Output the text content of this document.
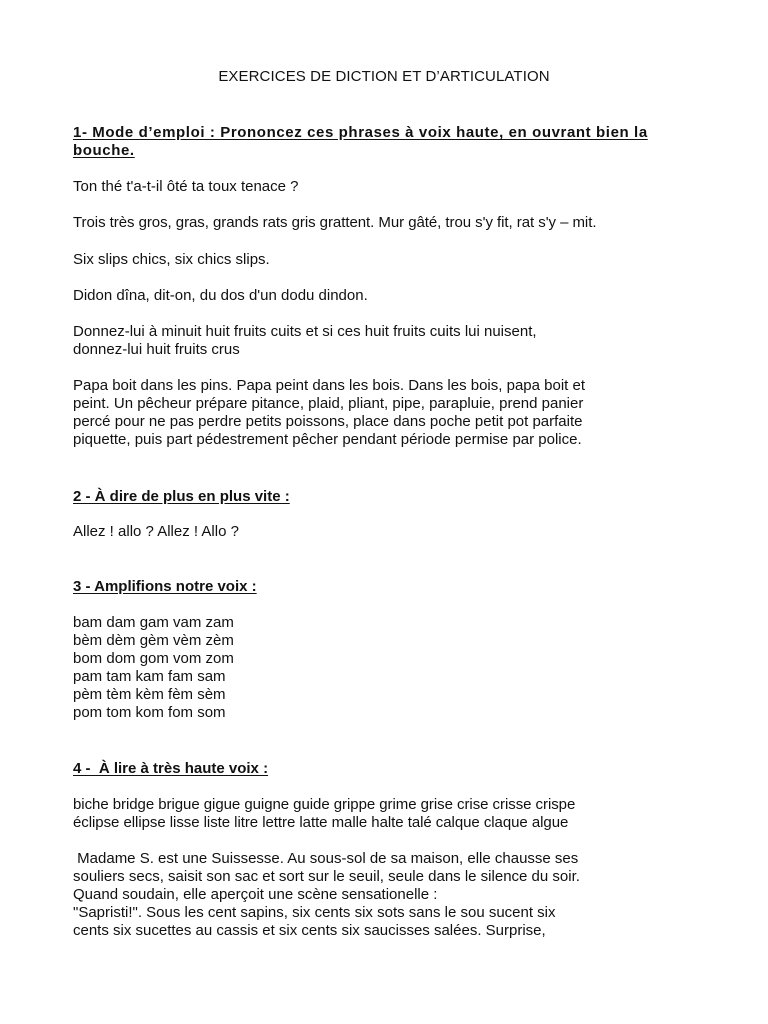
EXERCICES DE DICTION ET D’ARTICULATION
1- Mode d’emploi : Prononcez ces phrases à voix haute, en ouvrant bien la
bouche.
Ton thé t'a-t-il ôté ta toux tenace ?
Trois très gros, gras, grands rats gris grattent. Mur gâté, trou s'y fit, rat s'y – mit.
Six slips chics, six chics slips.
Didon dîna, dit-on, du dos d'un dodu dindon.
Donnez-lui à minuit huit fruits cuits et si ces huit fruits cuits lui nuisent,
donnez-lui huit fruits crus
Papa boit dans les pins. Papa peint dans les bois. Dans les bois, papa boit et
peint. Un pêcheur prépare pitance, plaid, pliant, pipe, parapluie, prend panier
percé pour ne pas perdre petits poissons, place dans poche petit pot parfaite
piquette, puis part pédestrement pêcher pendant période permise par police.
2 - À dire de plus en plus vite :
Allez ! allo ? Allez ! Allo ?
3 - Amplifions notre voix :
bam dam gam vam zam
bèm dèm gèm vèm zèm
bom dom gom vom zom
pam tam kam fam sam
pèm tèm kèm fèm sèm
pom tom kom fom som
4 -  À lire à très haute voix :
biche bridge brigue gigue guigne guide grippe grime grise crise crisse crispe
éclipse ellipse lisse liste litre lettre latte malle halte talé calque claque algue
Madame S. est une Suissesse. Au sous-sol de sa maison, elle chausse ses
souliers secs, saisit son sac et sort sur le seuil, seule dans le silence du soir.
Quand soudain, elle aperçoit une scène sensationelle :
"Sapristi!". Sous les cent sapins, six cents six sots sans le sou sucent six
cents six sucettes au cassis et six cents six saucisses salées. Surprise,
